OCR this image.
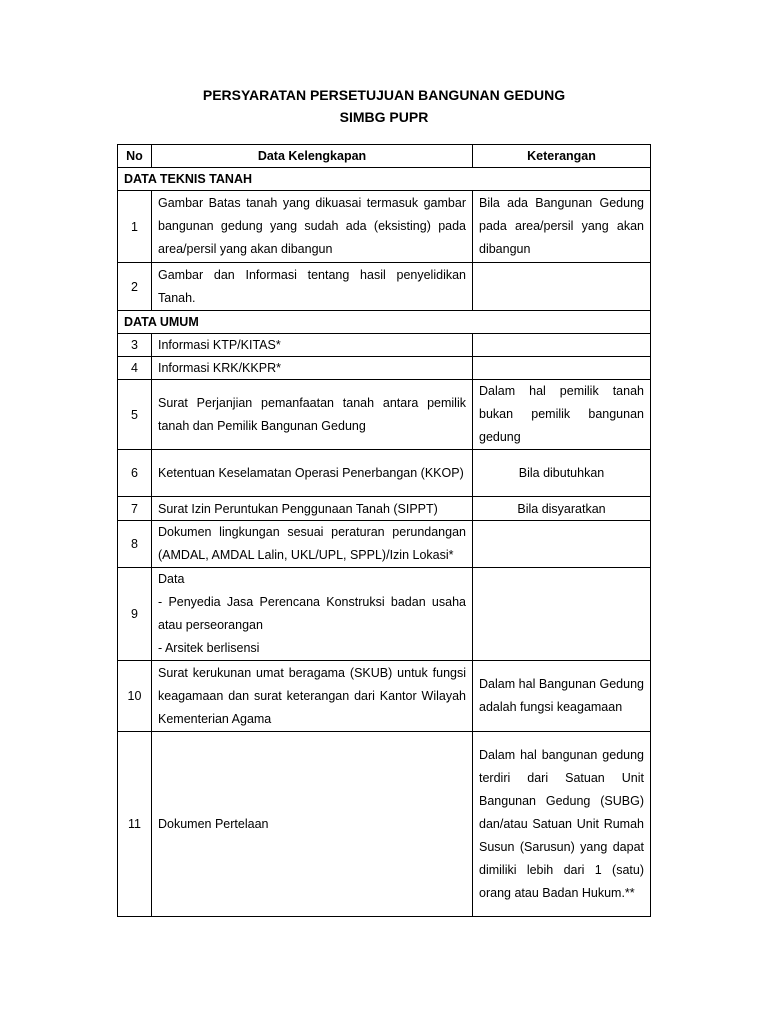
PERSYARATAN PERSETUJUAN BANGUNAN GEDUNG
SIMBG PUPR
No	Data Kelengkapan	Keterangan
DATA TEKNIS TANAH		
1	Gambar Batas tanah yang dikuasai termasuk gambar bangunan gedung yang sudah ada (eksisting) pada area/persil yang akan dibangun	Bila ada Bangunan Gedung pada area/persil yang akan dibangun
2	Gambar dan Informasi tentang hasil penyelidikan Tanah.	
DATA UMUM		
3	Informasi KTP/KITAS*	
4	Informasi KRK/KKPR*	
5	Surat Perjanjian pemanfaatan tanah antara pemilik tanah dan Pemilik Bangunan Gedung	Dalam hal pemilik tanah bukan pemilik bangunan gedung
6	Ketentuan Keselamatan Operasi Penerbangan (KKOP)	Bila dibutuhkan
7	Surat Izin Peruntukan Penggunaan Tanah (SIPPT)	Bila disyaratkan
8	Dokumen lingkungan sesuai peraturan perundangan (AMDAL, AMDAL Lalin, UKL/UPL, SPPL)/Izin Lokasi*	
9	Data
- Penyedia Jasa Perencana Konstruksi badan usaha atau perseorangan
- Arsitek berlisensi	

10	Surat kerukunan umat beragama (SKUB) untuk fungsi keagamaan dan surat keterangan dari Kantor Wilayah Kementerian Agama	Dalam hal Bangunan Gedung adalah fungsi keagamaan
11	Dokumen Pertelaan	Dalam hal bangunan gedung terdiri dari Satuan Unit Bangunan Gedung (SUBG) dan/atau Satuan Unit Rumah Susun (Sarusun) yang dapat dimiliki lebih dari 1 (satu) orang atau Badan Hukum.**
